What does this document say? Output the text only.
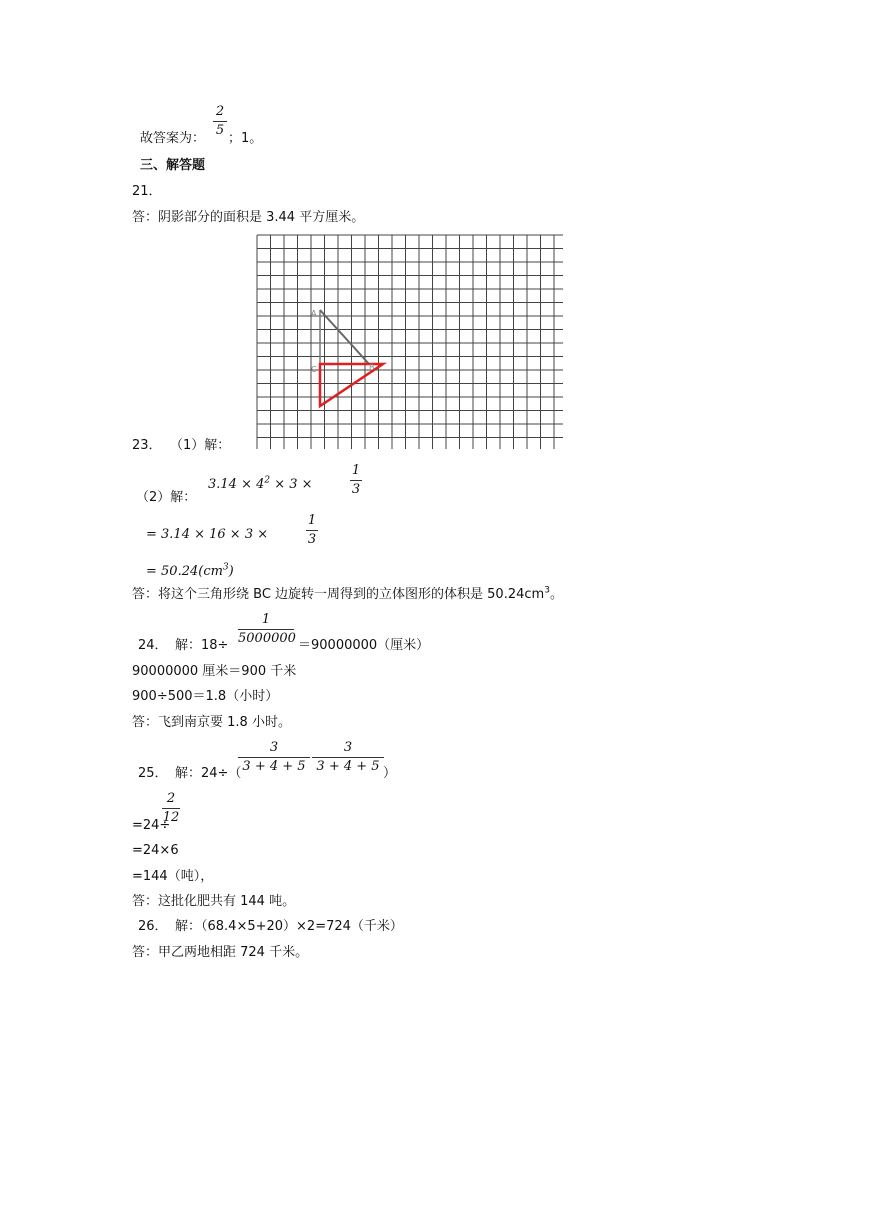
2
5
故答案为： ；1。
三、解答题
21．
答：阴影部分的面积是 3.44 平方厘米。
A
C	B
23． （1）解：
（2）解：
$3.14 \times 4^2 \times 3$ ×
1
3
= 3.14 × 16 × 3 ×
1
3
= $50.24(cm^3)$
答：将这个三角形绕 BC 边旋转一周得到的立体图形的体积是 $50.24cm^3$。
1
5000000
24． 解：18÷	＝90000000（厘米）
90000000 厘米＝900 千米
900÷500＝1.8（小时）
答：飞到南京要 1.8 小时。
25． 解：24÷（
3
3 + 4 + 5
3
3 + 4 + 5 ）
=24÷
2
12
=24×6
=144（吨），
答：这批化肥共有 144 吨。
26． 解：（68.4×5+20）×2=724（千米）
答：甲乙两地相距 724 千米。
